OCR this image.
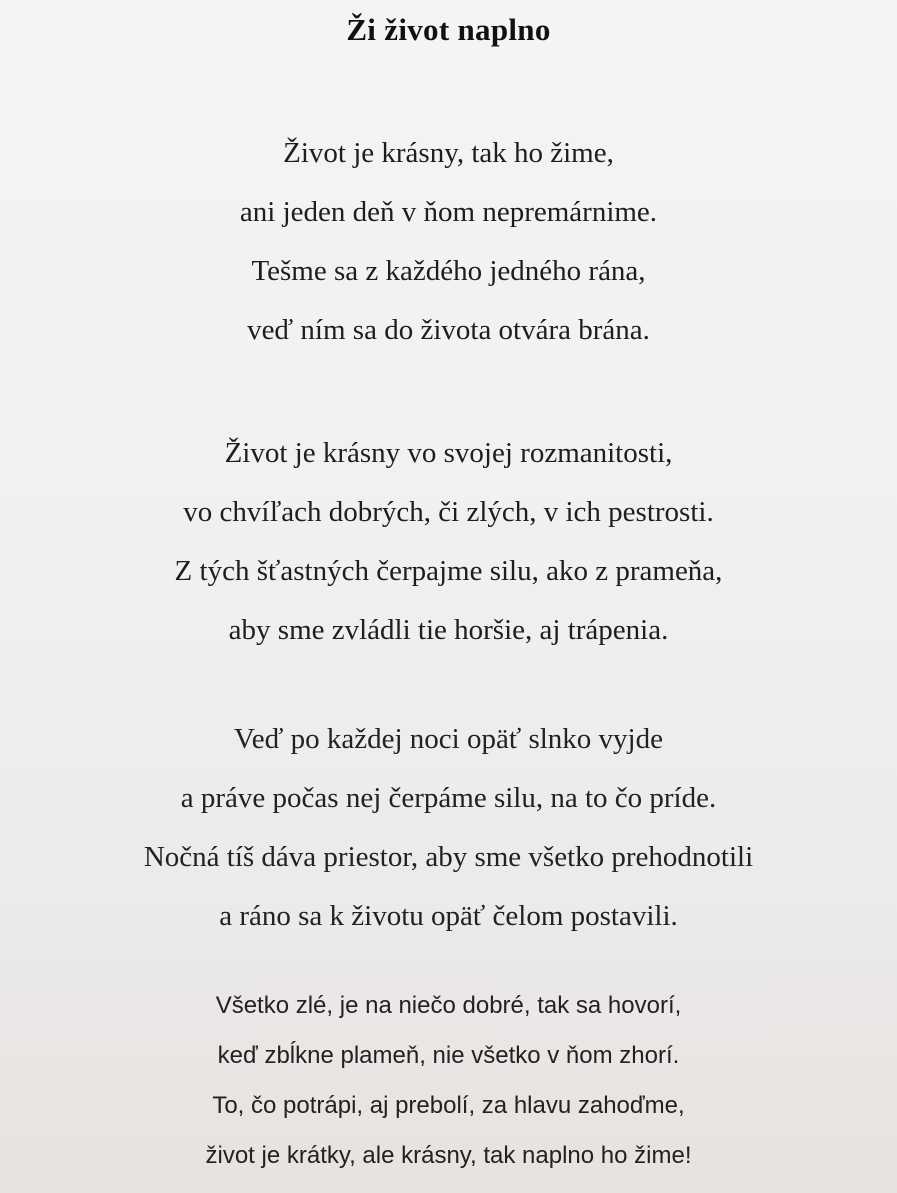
Ži život naplno
Život je krásny, tak ho žime,
ani jeden deň v ňom nepremárnime.
Tešme sa z každého jedného rána,
veď ním sa do života otvára brána.
Život je krásny vo svojej rozmanitosti,
vo chvíľach dobrých, či zlých, v ich pestrosti.
Z tých šťastných čerpajme silu, ako z prameňa,
aby sme zvládli tie horšie, aj trápenia.
Veď po každej noci opäť slnko vyjde
a práve počas nej čerpáme silu, na to čo príde.
Nočná tíš dáva priestor, aby sme všetko prehodnotili
a ráno sa k životu opäť čelom postavili.
Všetko zlé, je na niečo dobré, tak sa hovorí,
keď zbĺkne plameň, nie všetko v ňom zhorí.
To, čo potrápi, aj prebolí, za hlavu zahoďme,
život je krátky, ale krásny, tak naplno ho žime!
